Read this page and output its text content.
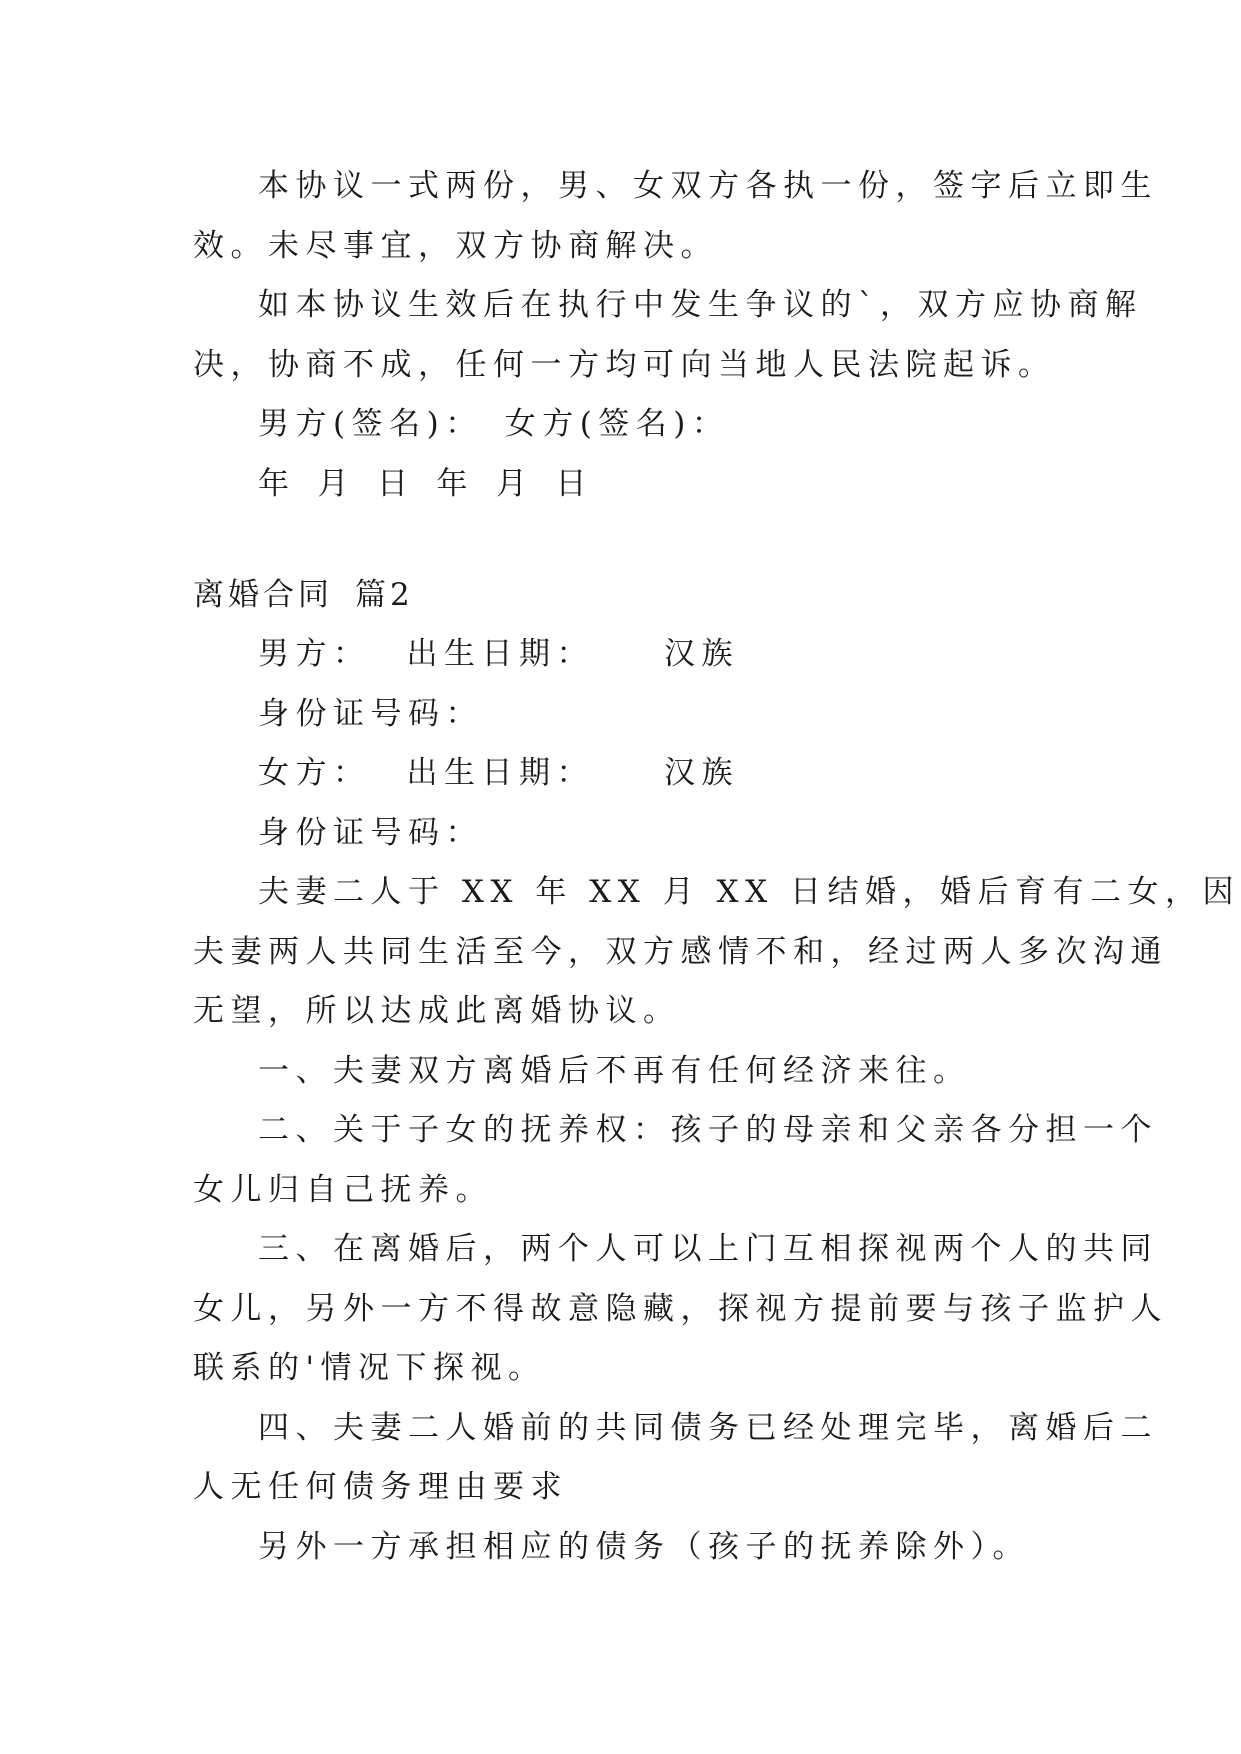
本协议一式两份，男、女双方各执一份，签字后立即生
效。未尽事宜，双方协商解决。
如本协议生效后在执行中发生争议的`，双方应协商解
决，协商不成，任何一方均可向当地人民法院起诉。
男方(签名)： 女方(签名)：
年 月 日 年 月 日
离婚合同 篇2
男方： 出生日期： 汉族
身份证号码：
女方： 出生日期： 汉族
身份证号码：
夫妻二人于 XX 年 XX 月 XX 日结婚，婚后育有二女，因
夫妻两人共同生活至今，双方感情不和，经过两人多次沟通
无望，所以达成此离婚协议。
一、夫妻双方离婚后不再有任何经济来往。
二、关于子女的抚养权：孩子的母亲和父亲各分担一个
女儿归自己抚养。
三、在离婚后，两个人可以上门互相探视两个人的共同
女儿，另外一方不得故意隐藏，探视方提前要与孩子监护人
联系的'情况下探视。
四、夫妻二人婚前的共同债务已经处理完毕，离婚后二
人无任何债务理由要求
另外一方承担相应的债务（孩子的抚养除外）。
